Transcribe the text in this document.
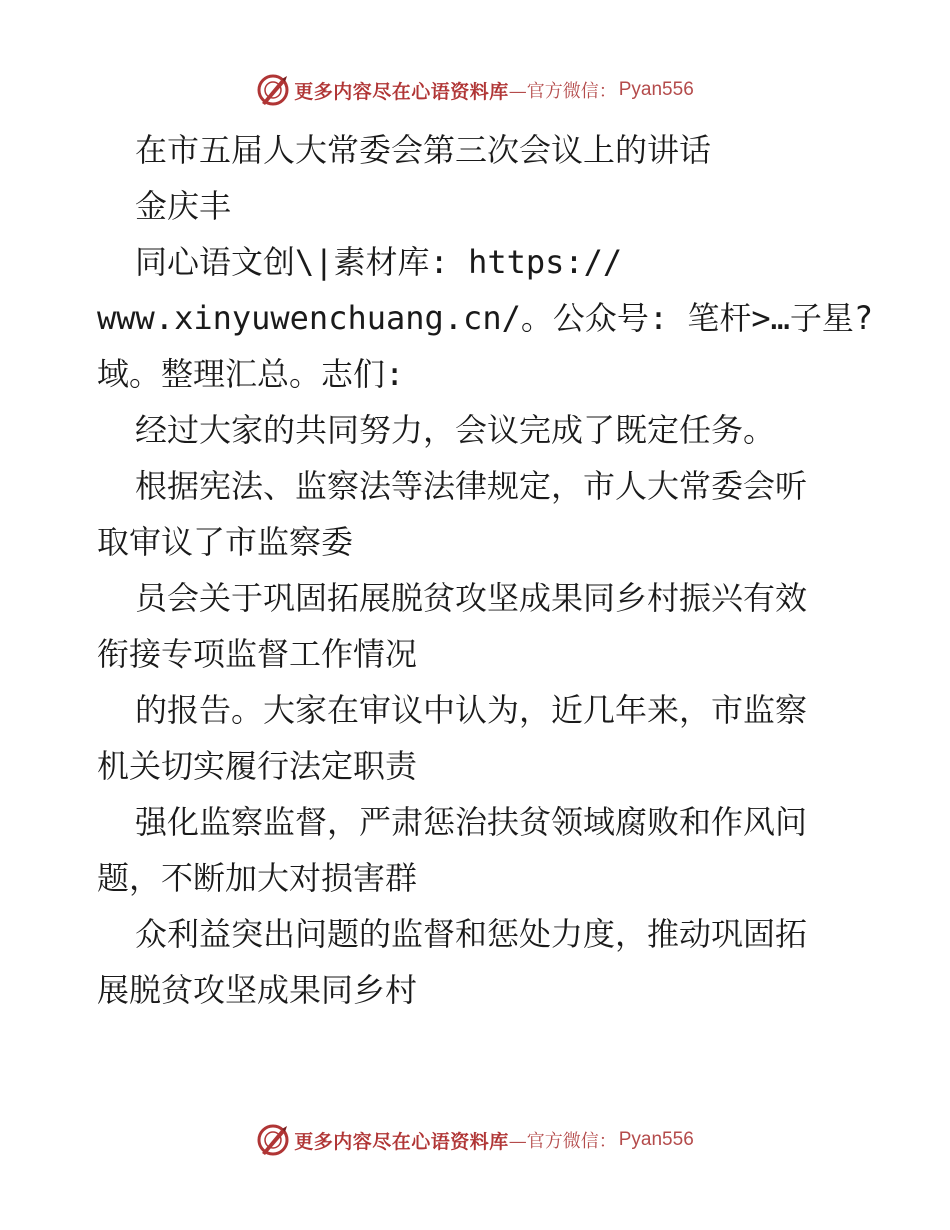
更多内容尽在心语资料库 —官方微信： Pyan556
在市五届人大常委会第三次会议上的讲话
金庆丰
同心语文创\|素材库: https://
www.xinyuwenchuang.cn/。公众号: 笔杆>…子星?
域。整理汇总。志们:
经过大家的共同努力，会议完成了既定任务。
根据宪法、监察法等法律规定，市人大常委会听
取审议了市监察委
员会关于巩固拓展脱贫攻坚成果同乡村振兴有效
衔接专项监督工作情况
的报告。大家在审议中认为，近几年来，市监察
机关切实履行法定职责
强化监察监督，严肃惩治扶贫领域腐败和作风问
题，不断加大对损害群
众利益突出问题的监督和惩处力度，推动巩固拓
展脱贫攻坚成果同乡村
更多内容尽在心语资料库 —官方微信： Pyan556
